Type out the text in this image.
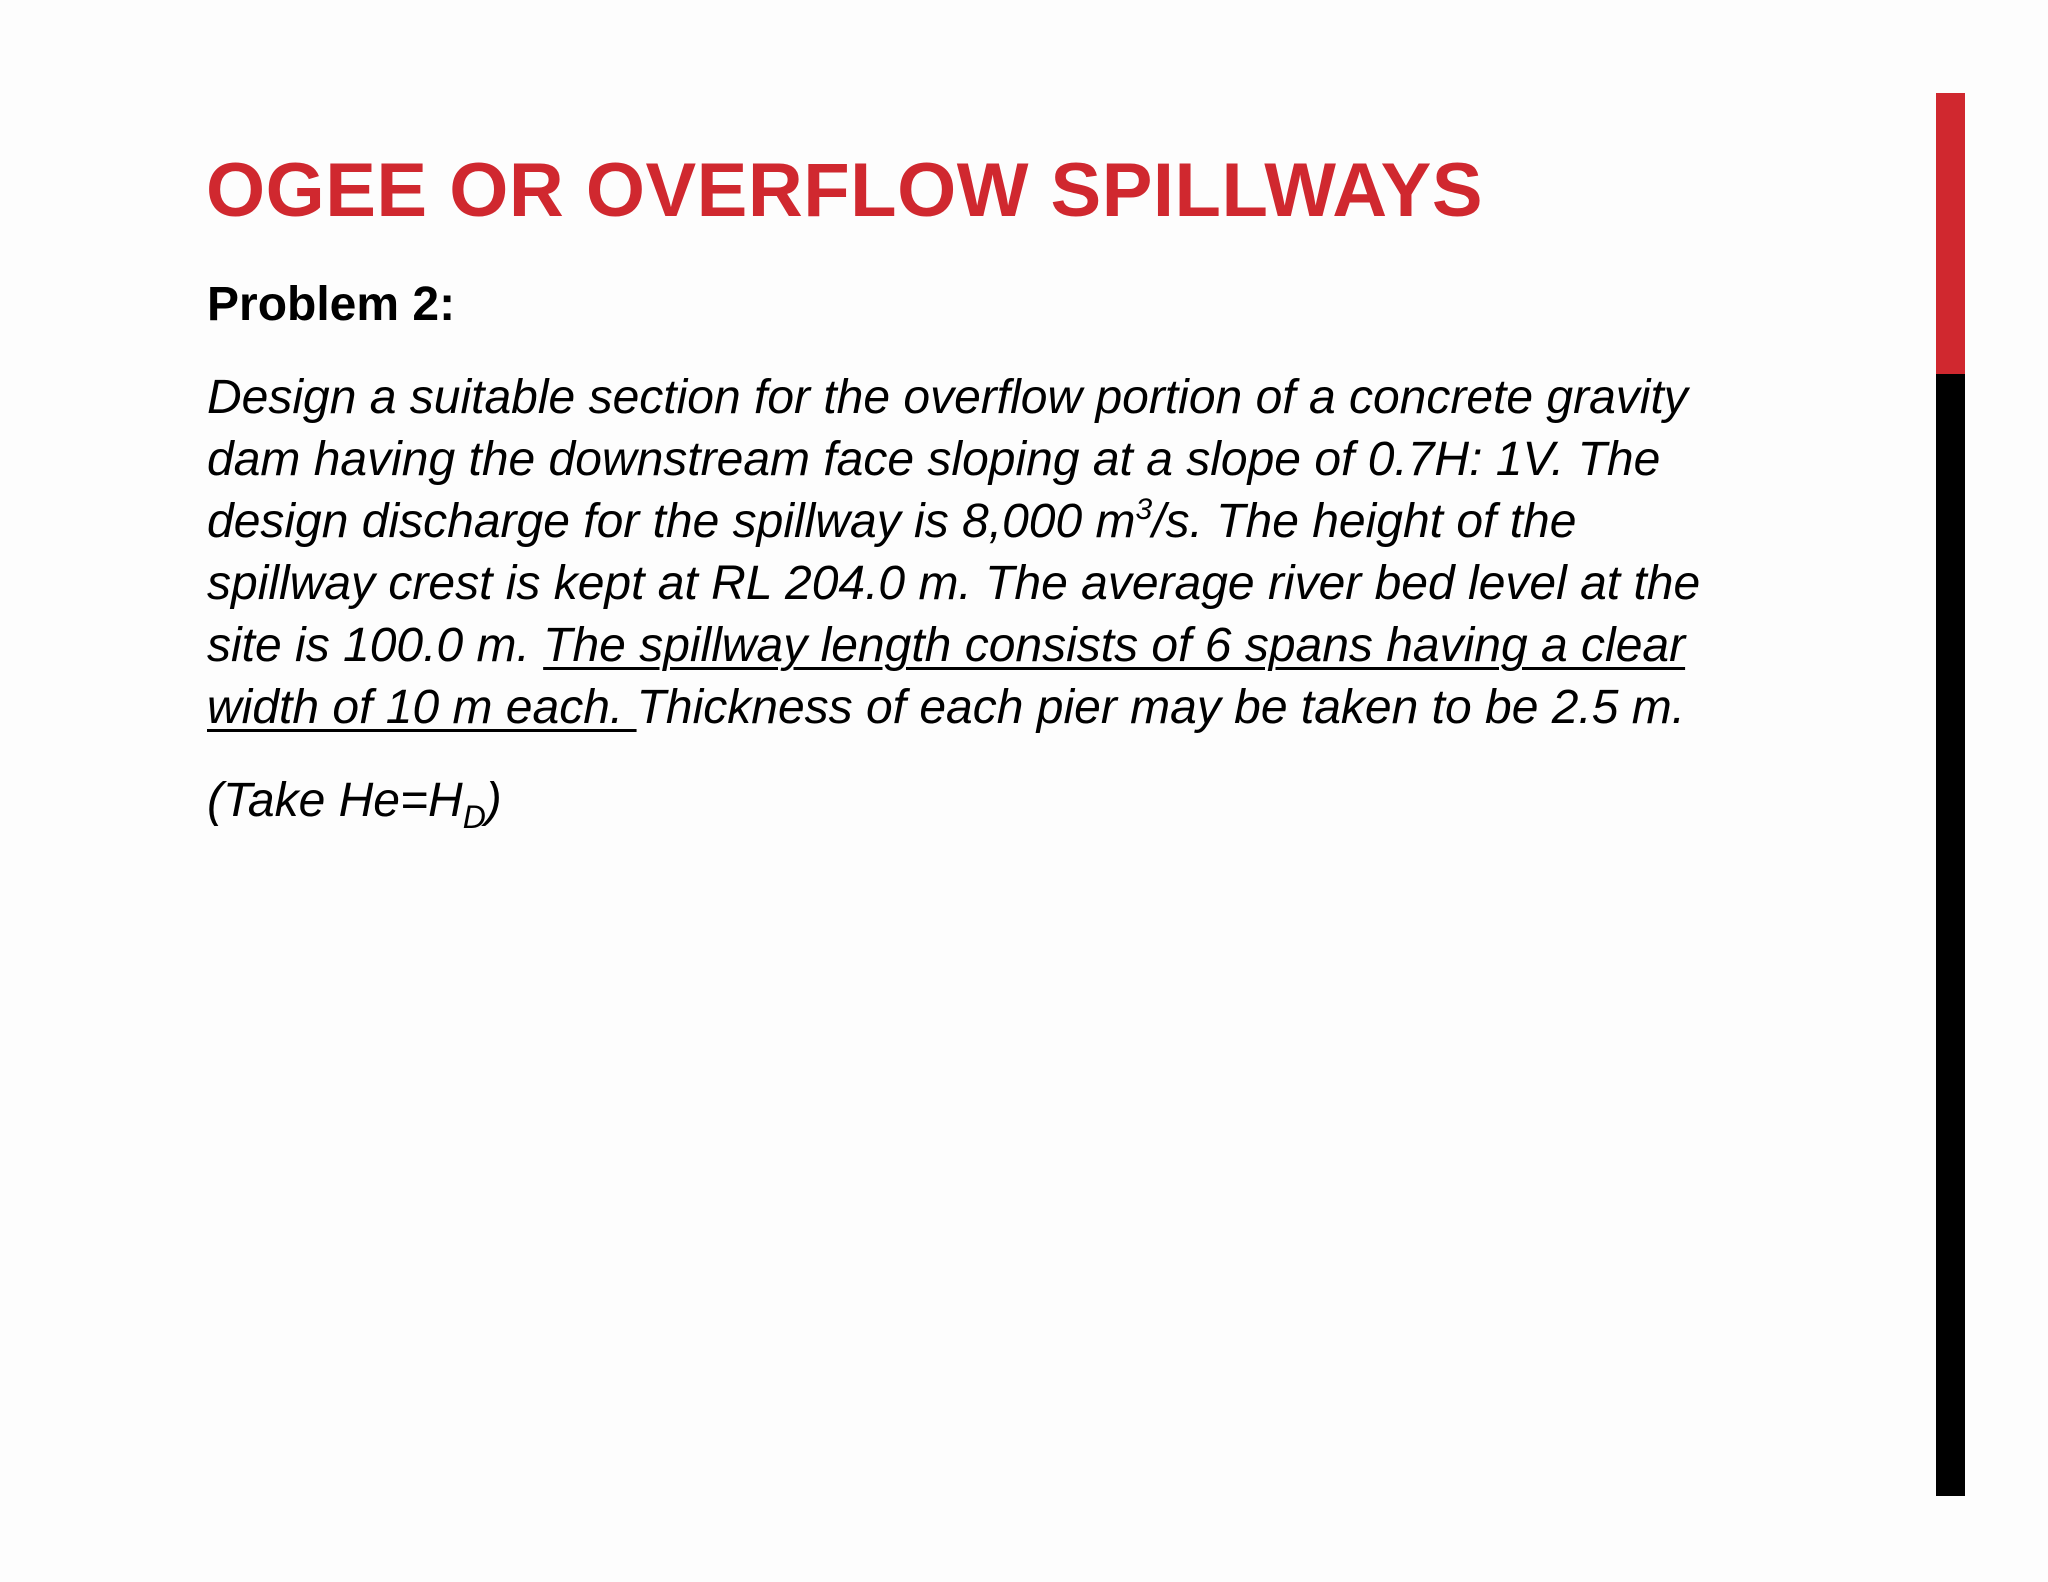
OGEE OR OVERFLOW SPILLWAYS
Problem 2:
Design a suitable section for the overflow portion of a concrete gravity
dam having the downstream face sloping at a slope of 0.7H: 1V. The
design discharge for the spillway is 8,000 $m^3/s$. The height of the
spillway crest is kept at RL 204.0 m. The average river bed level at the
site is 100.0 m. The spillway length consists of 6 spans having a clear
width of 10 m each. Thickness of each pier may be taken to be 2.5 m.

(Take $He=H_D$)
